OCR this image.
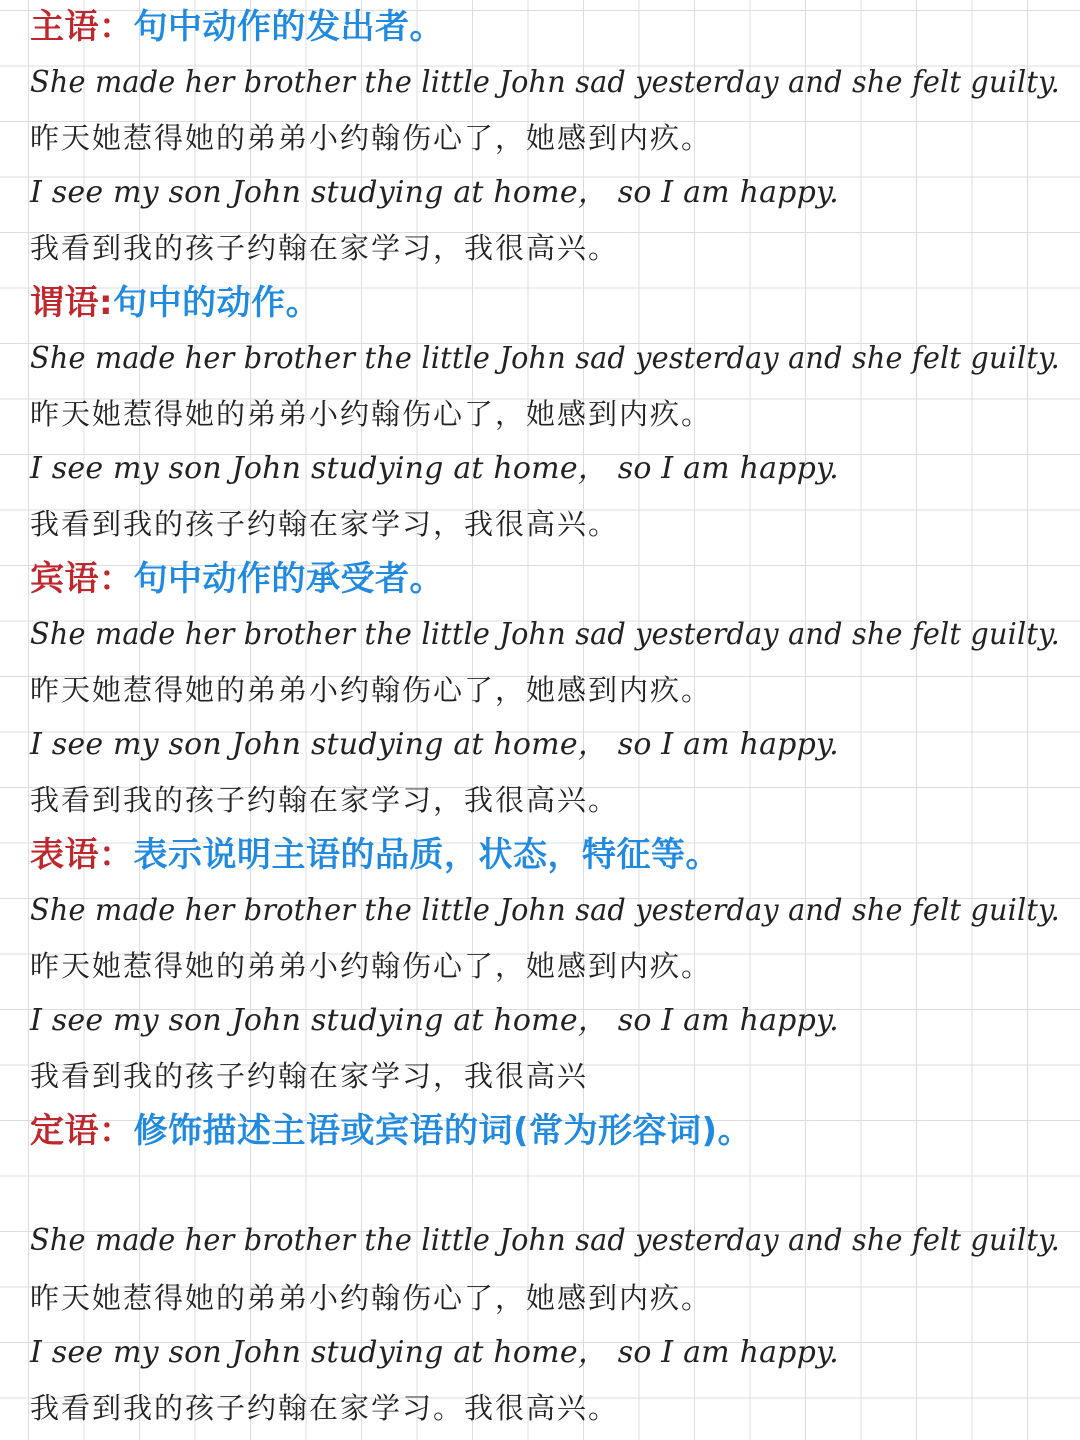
主语：句中动作的发出者。
She made her brother the little John sad yesterday and she felt guilty.
昨天她惹得她的弟弟小约翰伤心了，她感到内疚。
I see my son John studying at home， so I am happy.
我看到我的孩子约翰在家学习，我很高兴。
谓语:句中的动作。
She made her brother the little John sad yesterday and she felt guilty.
昨天她惹得她的弟弟小约翰伤心了，她感到内疚。
I see my son John studying at home， so I am happy.
我看到我的孩子约翰在家学习，我很高兴。
宾语：句中动作的承受者。
She made her brother the little John sad yesterday and she felt guilty.
昨天她惹得她的弟弟小约翰伤心了，她感到内疚。
I see my son John studying at home， so I am happy.
我看到我的孩子约翰在家学习，我很高兴。
表语：表示说明主语的品质，状态，特征等。
She made her brother the little John sad yesterday and she felt guilty.
昨天她惹得她的弟弟小约翰伤心了，她感到内疚。
I see my son John studying at home， so I am happy.
我看到我的孩子约翰在家学习，我很高兴
定语：修饰描述主语或宾语的词(常为形容词)。
She made her brother the little John sad yesterday and she felt guilty.
昨天她惹得她的弟弟小约翰伤心了，她感到内疚。
I see my son John studying at home， so I am happy.
我看到我的孩子约翰在家学习。我很高兴。
